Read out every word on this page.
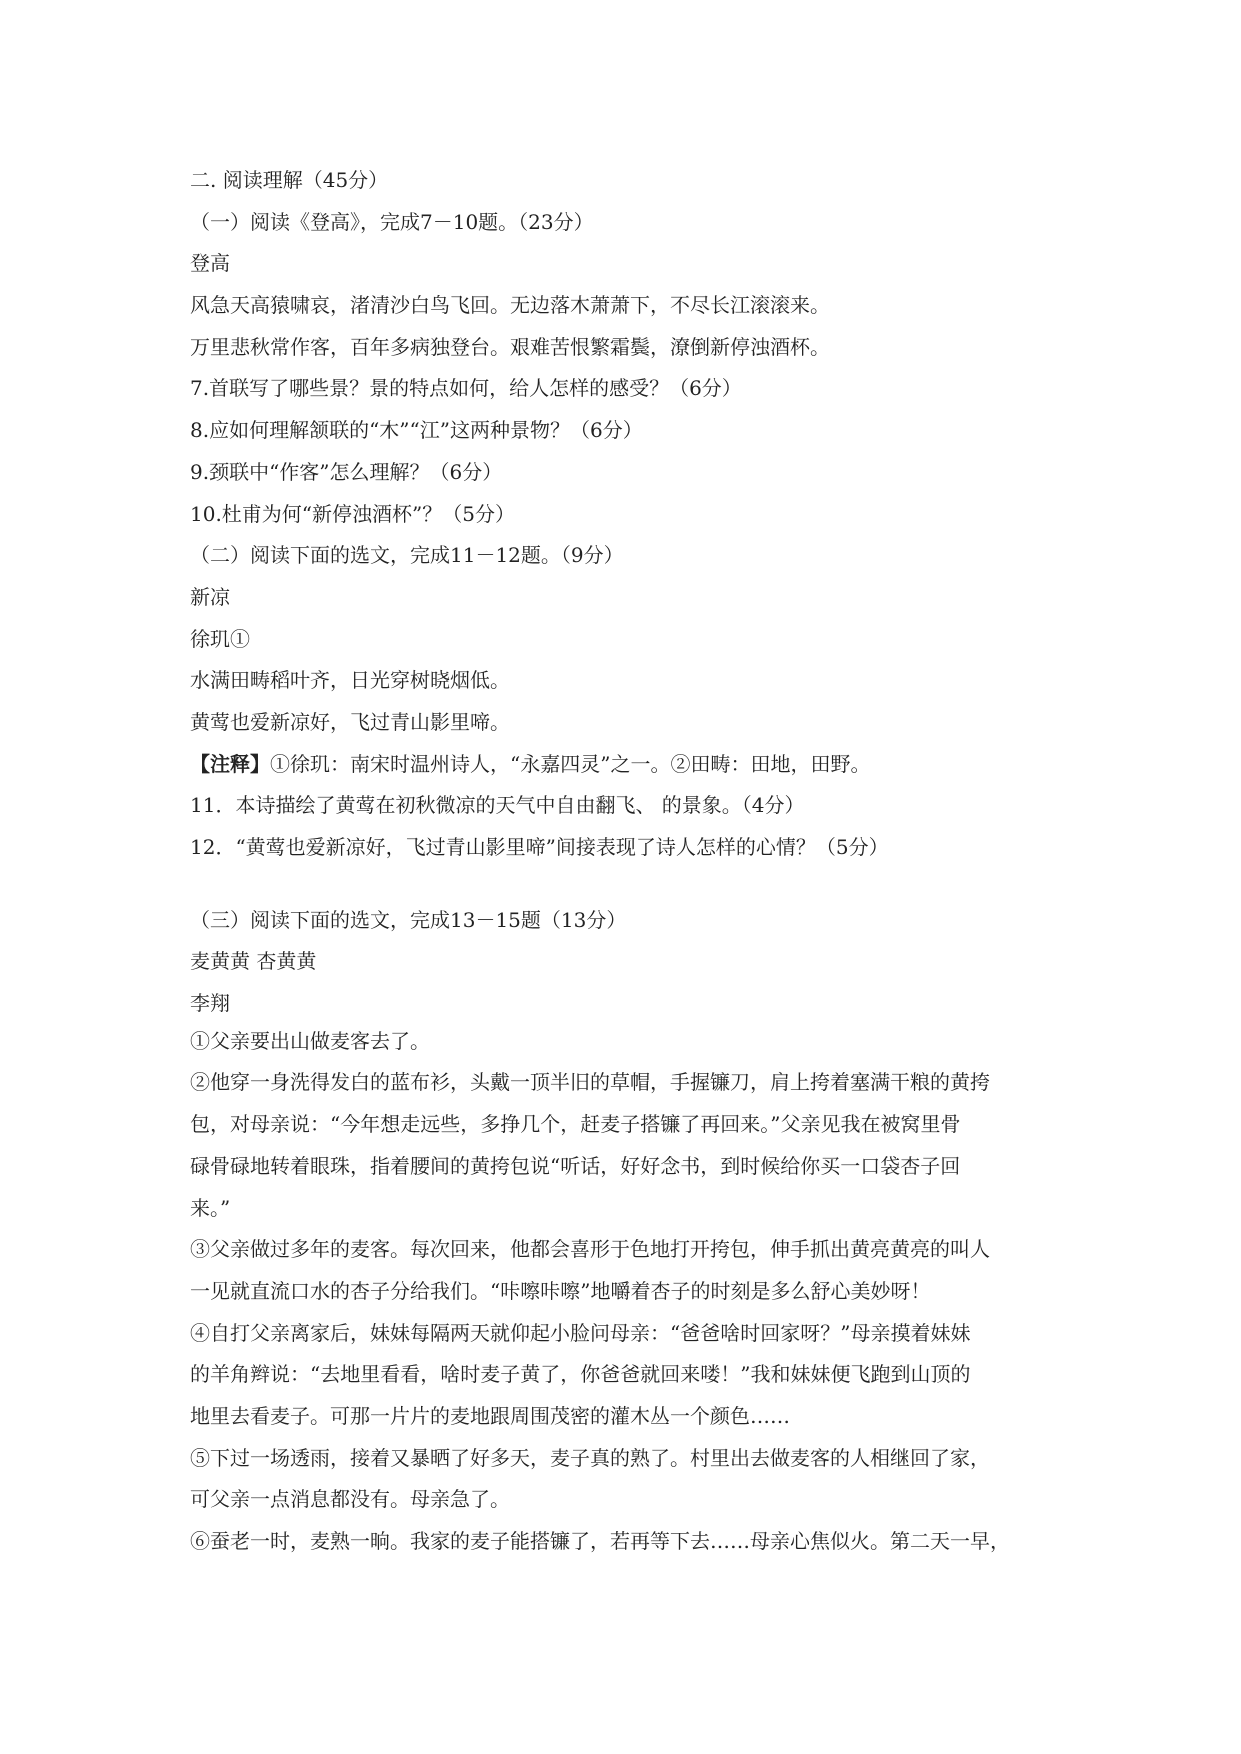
二. 阅读理解（45分）
（一）阅读《登高》，完成7－10题。（23分）
登高
风急天高猿啸哀，渚清沙白鸟飞回。无边落木萧萧下，不尽长江滚滚来。
万里悲秋常作客，百年多病独登台。艰难苦恨繁霜鬓，潦倒新停浊酒杯。
7.首联写了哪些景？景的特点如何，给人怎样的感受？（6分）
8.应如何理解颔联的“木”“江”这两种景物？（6分）
9.颈联中“作客”怎么理解？（6分）
10.杜甫为何“新停浊酒杯”？（5分）
（二）阅读下面的选文，完成11－12题。（9分）
新凉
徐玑①
水满田畴稻叶齐，日光穿树晓烟低。
黄莺也爱新凉好，飞过青山影里啼。
【注释】①徐玑：南宋时温州诗人，“永嘉四灵”之一。②田畴：田地，田野。
11．本诗描绘了黄莺在初秋微凉的天气中自由翻飞、 的景象。（4分）
12．“黄莺也爱新凉好，飞过青山影里啼”间接表现了诗人怎样的心情？（5分）
（三）阅读下面的选文，完成13－15题（13分）
麦黄黄 杏黄黄
李翔
①父亲要出山做麦客去了。
②他穿一身洗得发白的蓝布衫，头戴一顶半旧的草帽，手握镰刀，肩上挎着塞满干粮的黄挎
包，对母亲说：“今年想走远些，多挣几个，赶麦子搭镰了再回来。”父亲见我在被窝里骨
碌骨碌地转着眼珠，指着腰间的黄挎包说“听话，好好念书，到时候给你买一口袋杏子回
来。”
③父亲做过多年的麦客。每次回来，他都会喜形于色地打开挎包，伸手抓出黄亮黄亮的叫人
一见就直流口水的杏子分给我们。“咔嚓咔嚓”地嚼着杏子的时刻是多么舒心美妙呀！
④自打父亲离家后，妹妹每隔两天就仰起小脸问母亲：“爸爸啥时回家呀？”母亲摸着妹妹
的羊角辫说：“去地里看看，啥时麦子黄了，你爸爸就回来喽！”我和妹妹便飞跑到山顶的
地里去看麦子。可那一片片的麦地跟周围茂密的灌木丛一个颜色……
⑤下过一场透雨，接着又暴晒了好多天，麦子真的熟了。村里出去做麦客的人相继回了家，
可父亲一点消息都没有。母亲急了。
⑥蚕老一时，麦熟一晌。我家的麦子能搭镰了，若再等下去……母亲心焦似火。第二天一早，
